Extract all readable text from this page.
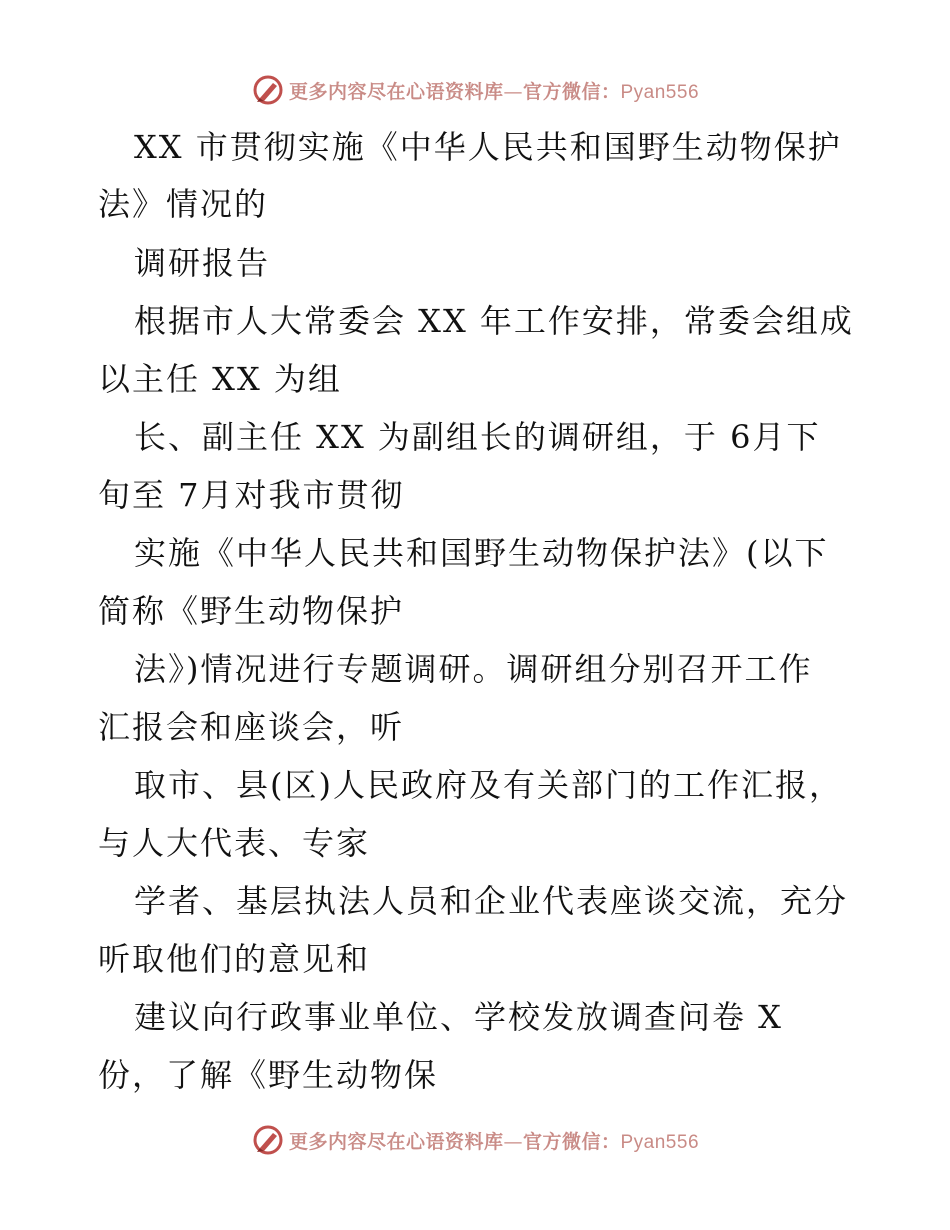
更多内容尽在心语资料库—官方微信：Pyan556
XX 市贯彻实施《中华人民共和国野生动物保护
法》情况的
调研报告
根据市人大常委会 XX 年工作安排，常委会组成
以主任 XX 为组
长、副主任 XX 为副组长的调研组，于 6月下
旬至 7月对我市贯彻
实施《中华人民共和国野生动物保护法》(以下
简称《野生动物保护
法》)情况进行专题调研。调研组分别召开工作
汇报会和座谈会，听
取市、县(区)人民政府及有关部门的工作汇报，
与人大代表、专家
学者、基层执法人员和企业代表座谈交流，充分
听取他们的意见和
建议向行政事业单位、学校发放调查问卷 X
份，了解《野生动物保
更多内容尽在心语资料库—官方微信：Pyan556
